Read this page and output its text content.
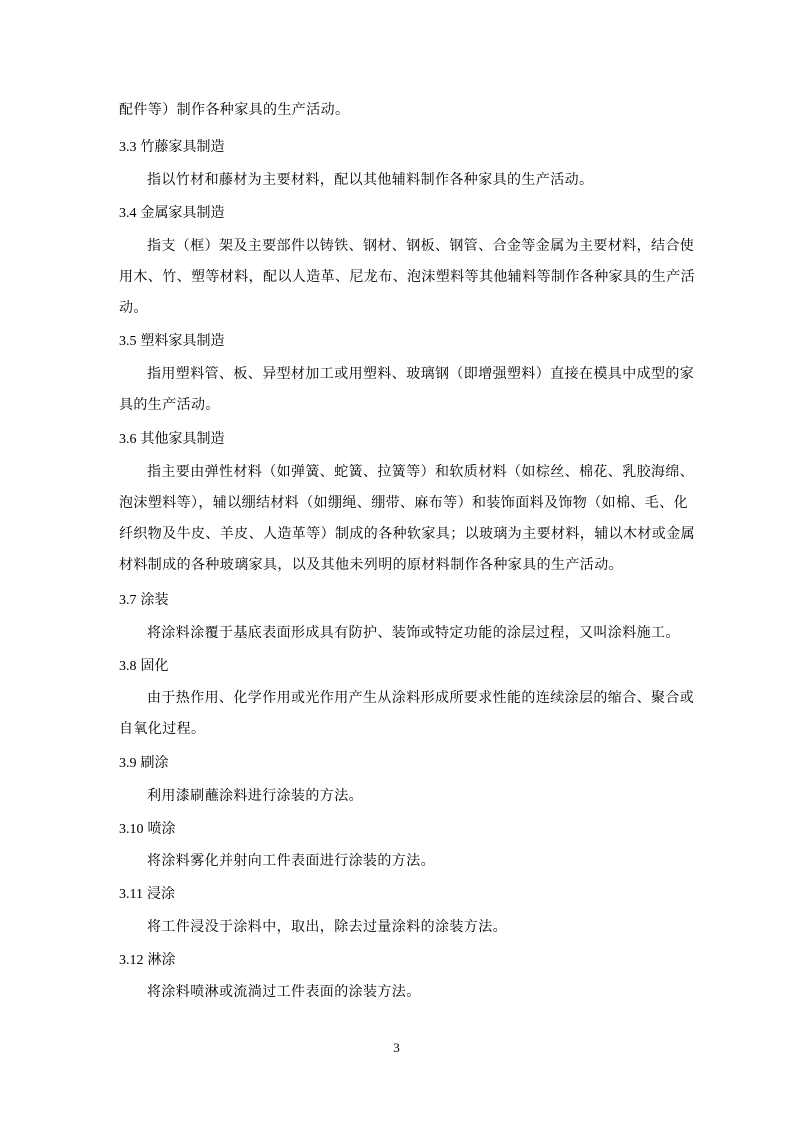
配件等）制作各种家具的生产活动。
3.3 竹藤家具制造
指以竹材和藤材为主要材料，配以其他辅料制作各种家具的生产活动。
3.4 金属家具制造
指支（框）架及主要部件以铸铁、钢材、钢板、钢管、合金等金属为主要材料，结合使
用木、竹、塑等材料，配以人造革、尼龙布、泡沫塑料等其他辅料等制作各种家具的生产活
动。
3.5 塑料家具制造
指用塑料管、板、异型材加工或用塑料、玻璃钢（即增强塑料）直接在模具中成型的家
具的生产活动。
3.6 其他家具制造
指主要由弹性材料（如弹簧、蛇簧、拉簧等）和软质材料（如棕丝、棉花、乳胶海绵、
泡沫塑料等），辅以绷结材料（如绷绳、绷带、麻布等）和装饰面料及饰物（如棉、毛、化
纤织物及牛皮、羊皮、人造革等）制成的各种软家具；以玻璃为主要材料，辅以木材或金属
材料制成的各种玻璃家具，以及其他未列明的原材料制作各种家具的生产活动。
3.7 涂装
将涂料涂覆于基底表面形成具有防护、装饰或特定功能的涂层过程，又叫涂料施工。
3.8 固化
由于热作用、化学作用或光作用产生从涂料形成所要求性能的连续涂层的缩合、聚合或
自氧化过程。
3.9 刷涂
利用漆刷蘸涂料进行涂装的方法。
3.10 喷涂
将涂料雾化并射向工件表面进行涂装的方法。
3.11 浸涂
将工件浸没于涂料中，取出，除去过量涂料的涂装方法。
3.12 淋涂
将涂料喷淋或流淌过工件表面的涂装方法。
3
